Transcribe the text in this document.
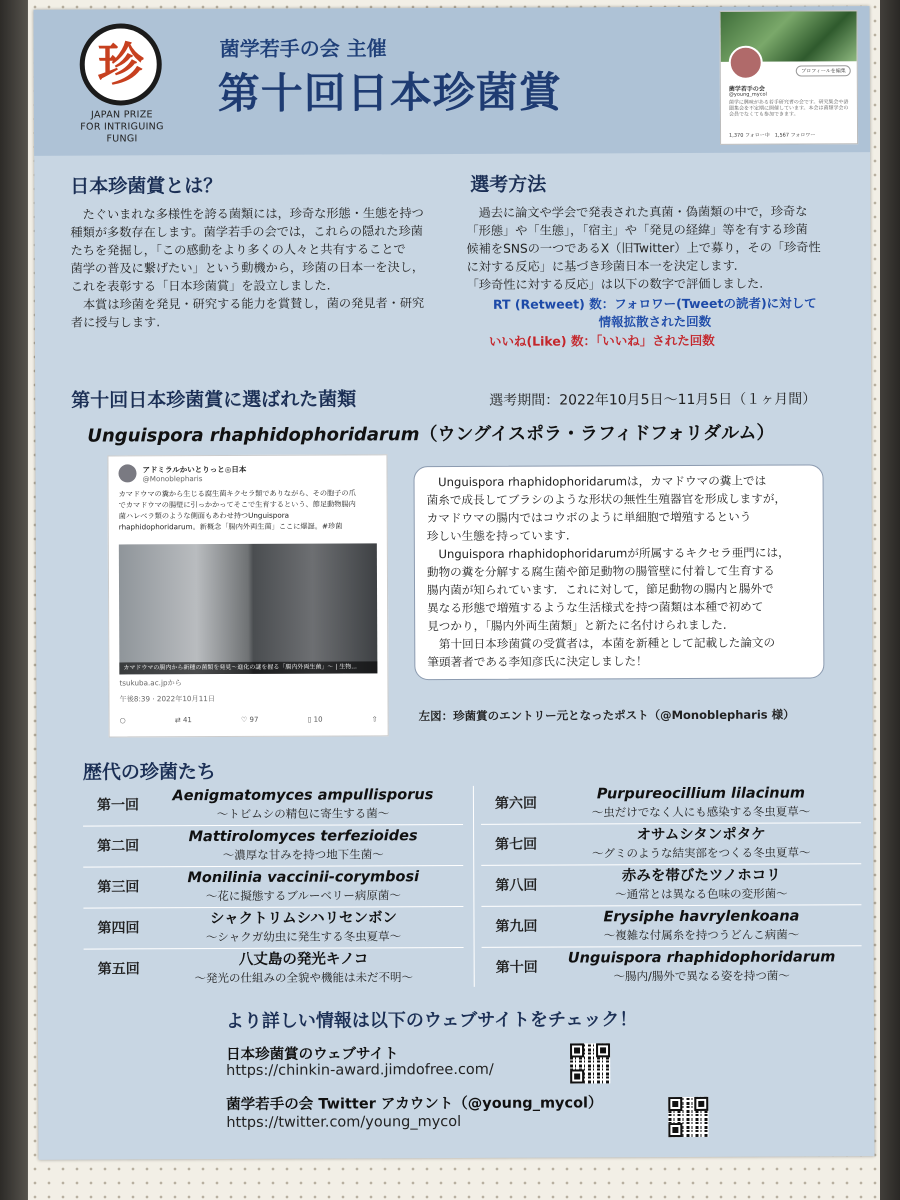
珍
JAPAN PRIZE
FOR INTRIGUING FUNGI
菌学若手の会 主催
第十回日本珍菌賞	プロフィールを編集
菌学若手の会
@young_mycol
菌学に興味がある若手研究者の会です。研究集会や語圏集会を不定期に開催しています。本会は菌類学会の会員でなくても参加できます。
1,370 フォロー中　1,567 フォロワー
日本珍菌賞とは？
　たぐいまれな多様性を誇る菌類には，珍奇な形態・生態を持つ
種類が多数存在します。菌学若手の会では，これらの隠れた珍菌
たちを発掘し，「この感動をより多くの人々と共有することで
菌学の普及に繋げたい」という動機から，珍菌の日本一を決し，
これを表彰する「日本珍菌賞」を設立しました.
　本賞は珍菌を発見・研究する能力を賞賛し，菌の発見者・研究
者に授与します.
選考方法
　過去に論文や学会で発表された真菌・偽菌類の中で，珍奇な
「形態」や「生態」，「宿主」や「発見の経緯」等を有する珍菌
候補をSNSの一つであるX（旧Twitter）上で募り，その「珍奇性
に対する反応」に基づき珍菌日本一を決定します．
「珍奇性に対する反応」は以下の数字で評価しました.
RT (Retweet) 数：フォロワー(Tweetの読者)に対して
情報拡散された回数
いいね(Like) 数：「いいね」された回数
第十回日本珍菌賞に選ばれた菌類	選考期間：2022年10月5日〜11月5日（１ヶ月間）
Unguispora rhaphidophoridarum（ウングイスポラ・ラフィドフォリダルム）
アドミラルかいとりっと◎日本
@Monoblepharis
カマドウマの糞から生じる腐生菌キクセラ類でありながら、その胞子の爪
でカマドウマの腸壁に引っかかってそこで生育するという、節足動物腸内
菌ハレベラ類のような側面もあわせ持つUnguispora
rhaphidophoridarum。新概念「腸内外両生菌」ここに爆誕。#珍菌
カマドウマの腸内から新種の菌類を発見〜進化の謎を握る「腸内外両生菌」〜 | 生物...
tsukuba.ac.jpから
午後8:39 · 2022年10月11日
○	⇄ 41	♡ 97	▯ 10	⇧
　Unguispora rhaphidophoridarumは，カマドウマの糞上では
菌糸で成長してブラシのような形状の無性生殖器官を形成しますが，
カマドウマの腸内ではコウボのように単細胞で増殖するという
珍しい生態を持っています.
　Unguispora rhaphidophoridarumが所属するキクセラ亜門には，
動物の糞を分解する腐生菌や節足動物の腸管壁に付着して生育する
腸内菌が知られています．これに対して，節足動物の腸内と腸外で
異なる形態で増殖するような生活様式を持つ菌類は本種で初めて
見つかり，「腸内外両生菌類」と新たに名付けられました.
　第十回日本珍菌賞の受賞者は，本菌を新種として記載した論文の
筆頭著者である李知彦氏に決定しました！
左図：珍菌賞のエントリー元となったポスト（@Monoblepharis 様）
歴代の珍菌たち
第一回
Aenigmatomyces ampullisporus
〜トビムシの精包に寄生する菌〜
第二回
Mattirolomyces terfezioides
〜濃厚な甘みを持つ地下生菌〜
第三回
Monilinia vaccinii-corymbosi
〜花に擬態するブルーベリー病原菌〜
第四回
シャクトリムシハリセンボン
〜シャクガ幼虫に発生する冬虫夏草〜
第五回
八丈島の発光キノコ
〜発光の仕組みの全貌や機能は未だ不明〜
第六回
Purpureocillium lilacinum
〜虫だけでなく人にも感染する冬虫夏草〜
第七回
オサムシタンポタケ
〜グミのような結実部をつくる冬虫夏草〜
第八回
赤みを帯びたツノホコリ
〜通常とは異なる色味の変形菌〜
第九回
Erysiphe havrylenkoana
〜複雑な付属糸を持つうどんこ病菌〜
第十回
Unguispora rhaphidophoridarum
〜腸内/腸外で異なる姿を持つ菌〜
より詳しい情報は以下のウェブサイトをチェック！
日本珍菌賞のウェブサイト
https://chinkin-award.jimdofree.com/
菌学若手の会 Twitter アカウント（@young_mycol）
https://twitter.com/young_mycol
